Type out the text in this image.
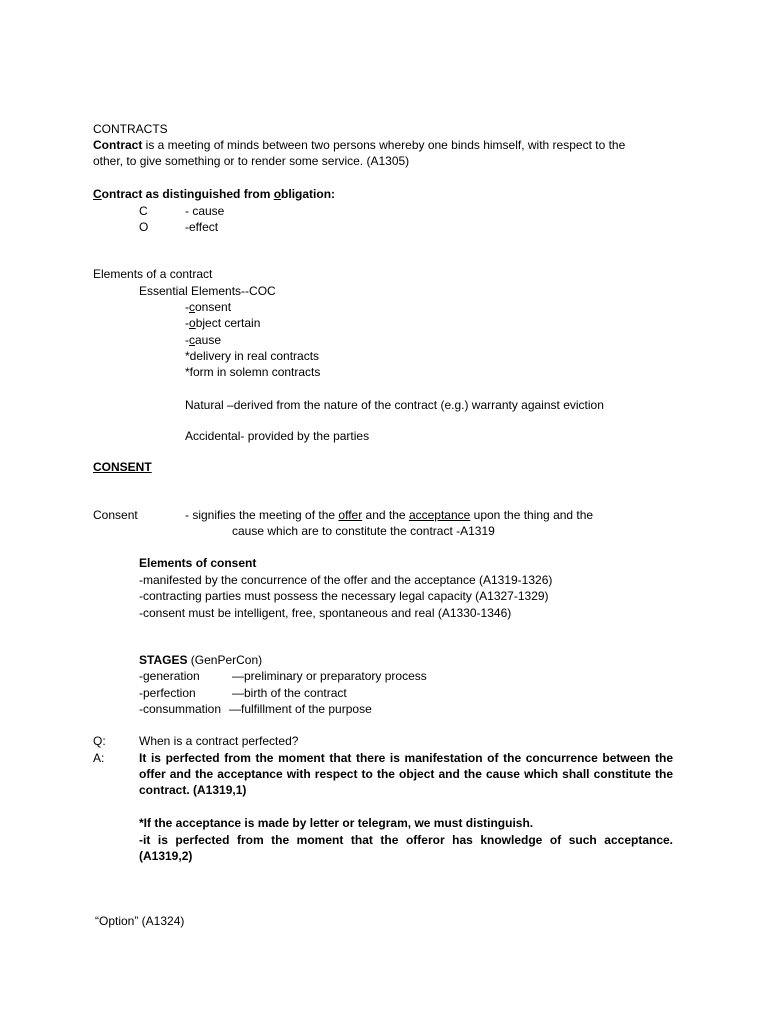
CONTRACTS
Contract is a meeting of minds between two persons whereby one binds himself, with respect to the
other, to give something or to render some service. (A1305)
Contract as distinguished from obligation:
C	- cause
O	-effect
Elements of a contract
Essential Elements--COC
-consent
-object certain
-cause
*delivery in real contracts
*form in solemn contracts
Natural –derived from the nature of the contract (e.g.) warranty against eviction
Accidental- provided by the parties
CONSENT
Consent	- signifies the meeting of the offer and the acceptance upon the thing and the
cause which are to constitute the contract -A1319
Elements of consent
-manifested by the concurrence of the offer and the acceptance (A1319-1326)
-contracting parties must possess the necessary legal capacity (A1327-1329)
-consent must be intelligent, free, spontaneous and real (A1330-1346)
STAGES (GenPerCon)
-generation	—preliminary or preparatory process
-perfection	—birth of the contract
-consummation —fulfillment of the purpose
Q:	When is a contract perfected?
A:	It is perfected from the moment that there is manifestation of the concurrence between the
offer and the acceptance with respect to the object and the cause which shall constitute the
contract. (A1319,1)
*If the acceptance is made by letter or telegram, we must distinguish.
-it is perfected from the moment that the offeror has knowledge of such acceptance.
(A1319,2)
“Option” (A1324)
